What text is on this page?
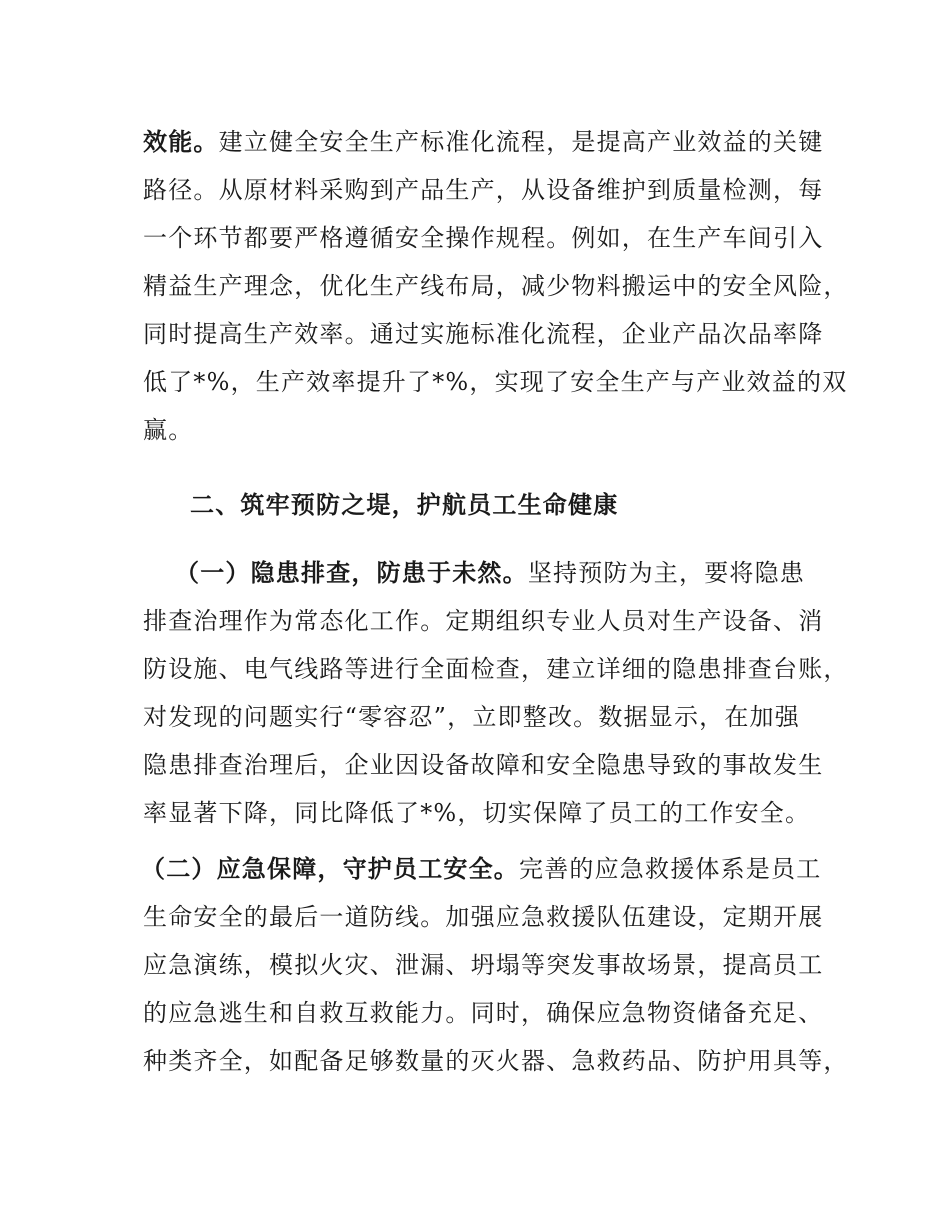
效能。建立健全安全生产标准化流程，是提高产业效益的关键
路径。从原材料采购到产品生产，从设备维护到质量检测，每
一个环节都要严格遵循安全操作规程。例如，在生产车间引入
精益生产理念，优化生产线布局，减少物料搬运中的安全风险，
同时提高生产效率。通过实施标准化流程，企业产品次品率降
低了*%，生产效率提升了*%，实现了安全生产与产业效益的双
赢。
二、筑牢预防之堤，护航员工生命健康
（一）隐患排查，防患于未然。坚持预防为主，要将隐患
排查治理作为常态化工作。定期组织专业人员对生产设备、消
防设施、电气线路等进行全面检查，建立详细的隐患排查台账，
对发现的问题实行“零容忍”，立即整改。数据显示，在加强
隐患排查治理后，企业因设备故障和安全隐患导致的事故发生
率显著下降，同比降低了*%，切实保障了员工的工作安全。
（二）应急保障，守护员工安全。完善的应急救援体系是员工
生命安全的最后一道防线。加强应急救援队伍建设，定期开展
应急演练，模拟火灾、泄漏、坍塌等突发事故场景，提高员工
的应急逃生和自救互救能力。同时，确保应急物资储备充足、
种类齐全，如配备足够数量的灭火器、急救药品、防护用具等，
